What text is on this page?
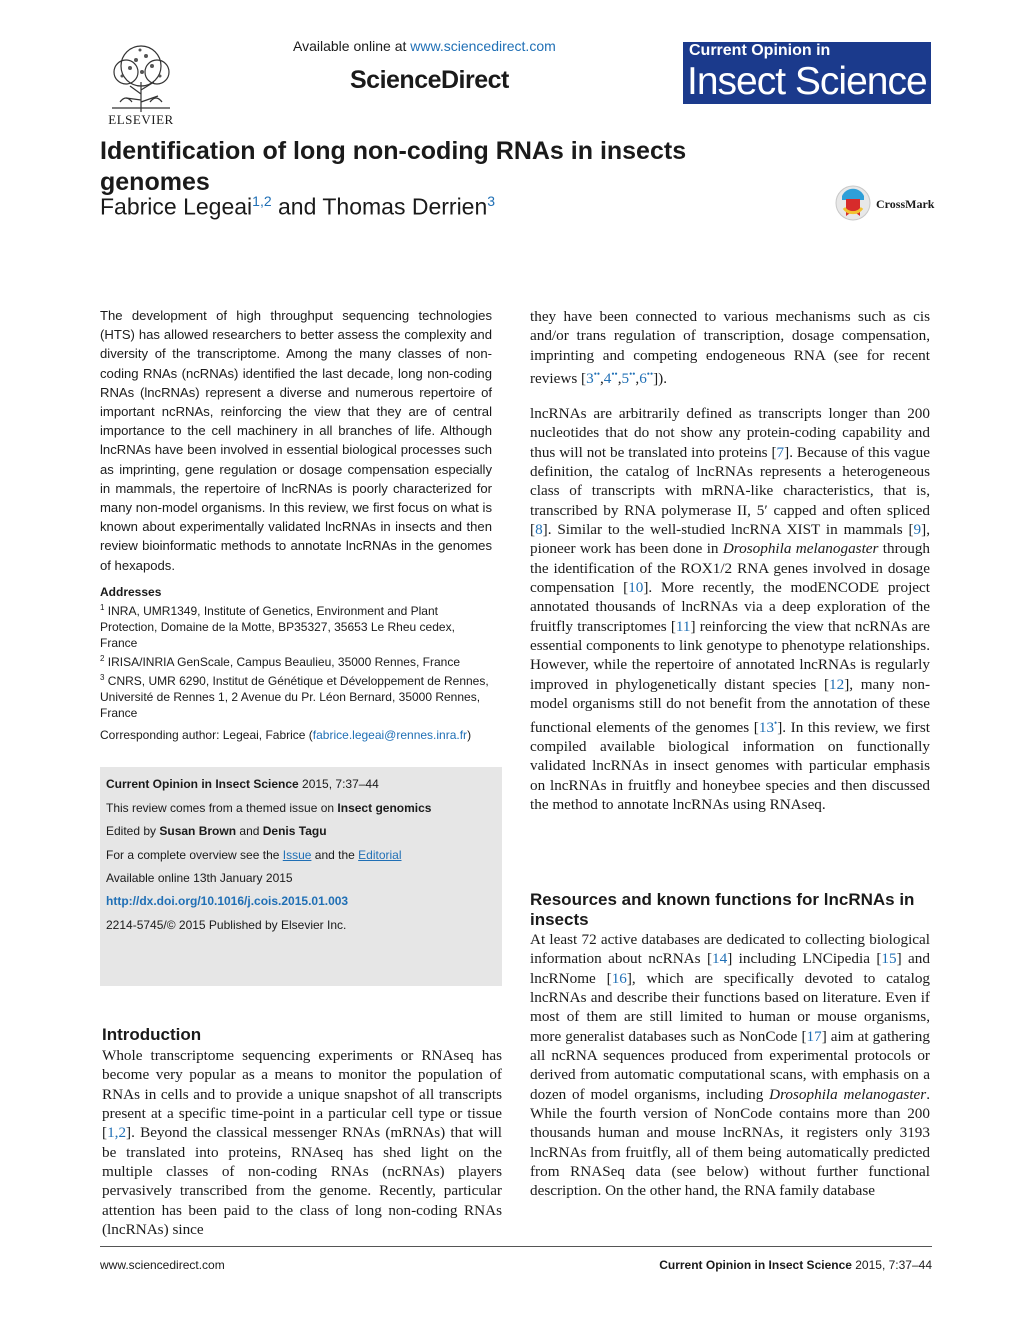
ELSEVIER
Available online at www.sciencedirect.com
ScienceDirect
Current Opinion in
Insect Science
Identification of long non-coding RNAs in insects genomes
Fabrice Legeai$^{1,2}$ and Thomas Derrien$^3$	CrossMark

The development of high throughput sequencing technologies (HTS) has allowed researchers to better assess the complexity and diversity of the transcriptome. Among the many classes of non-coding RNAs (ncRNAs) identified the last decade, long non-coding RNAs (lncRNAs) represent a diverse and numerous repertoire of important ncRNAs, reinforcing the view that they are of central importance to the cell machinery in all branches of life. Although lncRNAs have been involved in essential biological processes such as imprinting, gene regulation or dosage compensation especially in mammals, the repertoire of lncRNAs is poorly characterized for many non-model organisms. In this review, we first focus on what is known about experimentally validated lncRNAs in insects and then review bioinformatic methods to annotate lncRNAs in the genomes of hexapods.

Addresses
$^1$ INRA, UMR1349, Institute of Genetics, Environment and Plant Protection, Domaine de la Motte, BP35327, 35653 Le Rheu cedex, France
$^2$ IRISA/INRIA GenScale, Campus Beaulieu, 35000 Rennes, France
$^3$ CNRS, UMR 6290, Institut de Génétique et Développement de Rennes, Université de Rennes 1, 2 Avenue du Pr. Léon Bernard, 35000 Rennes, France
Corresponding author: Legeai, Fabrice (fabrice.legeai@rennes.inra.fr)
Current Opinion in Insect Science 2015, 7:37–44
This review comes from a themed issue on Insect genomics
Edited by Susan Brown and Denis Tagu
For a complete overview see the Issue and the Editorial
Available online 13th January 2015
http://dx.doi.org/10.1016/j.cois.2015.01.003
2214-5745/© 2015 Published by Elsevier Inc.
Introduction

Whole transcriptome sequencing experiments or RNAseq has become very popular as a means to monitor the population of RNAs in cells and to provide a unique snapshot of all transcripts present at a specific time-point in a particular cell type or tissue [1,2]. Beyond the classical messenger RNAs (mRNAs) that will be translated into proteins, RNAseq has shed light on the multiple classes of non-coding RNAs (ncRNAs) players pervasively transcribed from the genome. Recently, particular attention has been paid to the class of long non-coding RNAs (lncRNAs) since

they have been connected to various mechanisms such as cis and/or trans regulation of transcription, dosage compensation, imprinting and competing endogeneous RNA (see for recent reviews [3••,4••,5••,6••]).

lncRNAs are arbitrarily defined as transcripts longer than 200 nucleotides that do not show any protein-coding capability and thus will not be translated into proteins [7]. Because of this vague definition, the catalog of lncRNAs represents a heterogeneous class of transcripts with mRNA-like characteristics, that is, transcribed by RNA polymerase II, 5′ capped and often spliced [8]. Similar to the well-studied lncRNA XIST in mammals [9], pioneer work has been done in Drosophila melanogaster through the identification of the ROX1/2 RNA genes involved in dosage compensation [10]. More recently, the modENCODE project annotated thousands of lncRNAs via a deep exploration of the fruitfly transcriptomes [11] reinforcing the view that ncRNAs are essential components to link genotype to phenotype relationships. However, while the repertoire of annotated lncRNAs is regularly improved in phylogenetically distant species [12], many non-model organisms still do not benefit from the annotation of these functional elements of the genomes [13•]. In this review, we first compiled available biological information on functionally validated lncRNAs in insect genomes with particular emphasis on lncRNAs in fruitfly and honeybee species and then discussed the method to annotate lncRNAs using RNAseq.

Resources and known functions for lncRNAs in insects

At least 72 active databases are dedicated to collecting biological information about ncRNAs [14] including LNCipedia [15] and lncRNome [16], which are specifically devoted to catalog lncRNAs and describe their functions based on literature. Even if most of them are still limited to human or mouse organisms, more generalist databases such as NonCode [17] aim at gathering all ncRNA sequences produced from experimental protocols or derived from automatic computational scans, with emphasis on a dozen of model organisms, including Drosophila melanogaster. While the fourth version of NonCode contains more than 200 thousands human and mouse lncRNAs, it registers only 3193 lncRNAs from fruitfly, all of them being automatically predicted from RNASeq data (see below) without further functional description. On the other hand, the RNA family database

www.sciencedirect.com	Current Opinion in Insect Science 2015, 7:37–44
